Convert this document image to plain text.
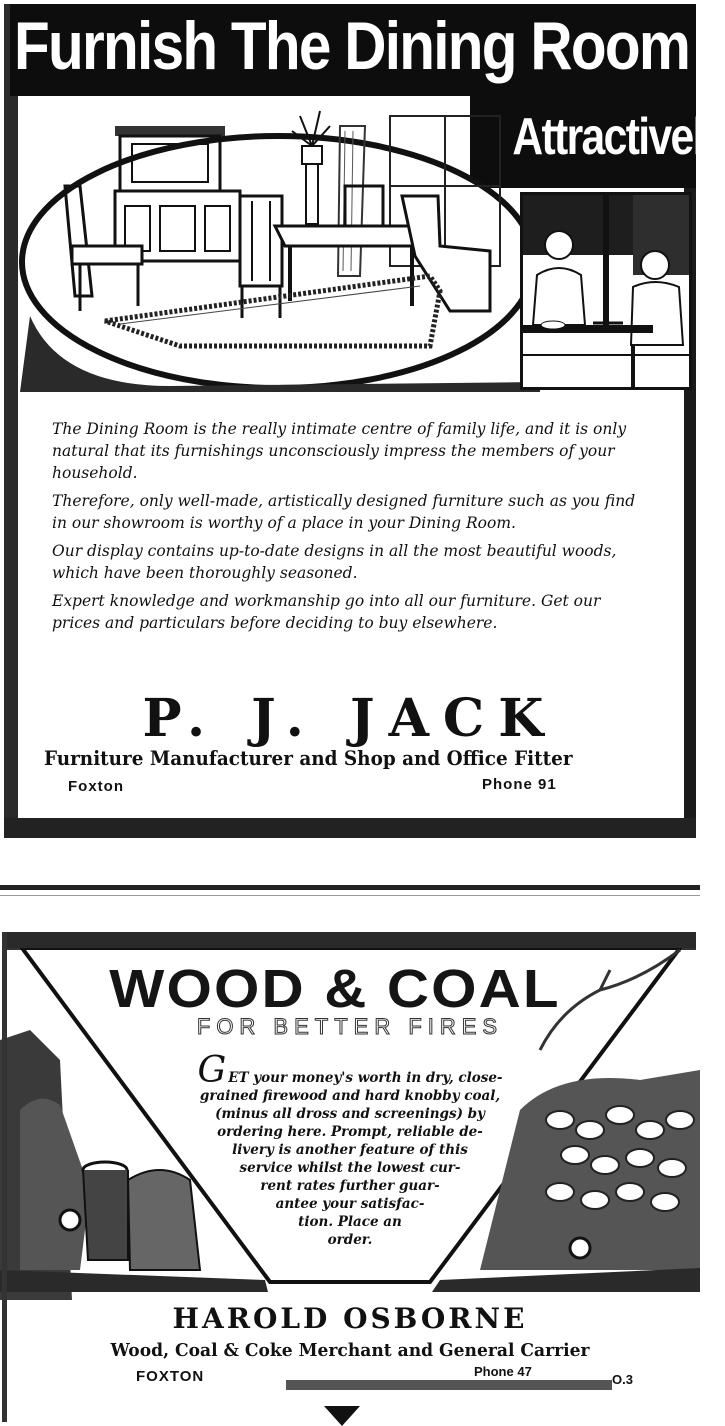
Furnish The Dining Room
Attractively

The Dining Room is the really intimate centre of family life, and it is only natural that its furnishings unconsciously impress the members of your household.

Therefore, only well-made, artistically designed furniture such as you find in our showroom is worthy of a place in your Dining Room.

Our display contains up-to-date designs in all the most beautiful woods, which have been thoroughly seasoned.

Expert knowledge and workmanship go into all our furniture. Get our prices and particulars before deciding to buy elsewhere.

P. J. JACK
Furniture Manufacturer and Shop and Office Fitter
Foxton	Phone 91
WOOD & COAL
FOR BETTER FIRES
GET your money's worth in dry, close-
grained firewood and hard knobby coal,
(minus all dross and screenings) by
ordering here. Prompt, reliable de-
livery is another feature of this
service whilst the lowest cur-
rent rates further guar-
antee your satisfac-
tion. Place an
order.
HAROLD OSBORNE
Wood, Coal & Coke Merchant and General Carrier
FOXTON	Phone 47
O.3
